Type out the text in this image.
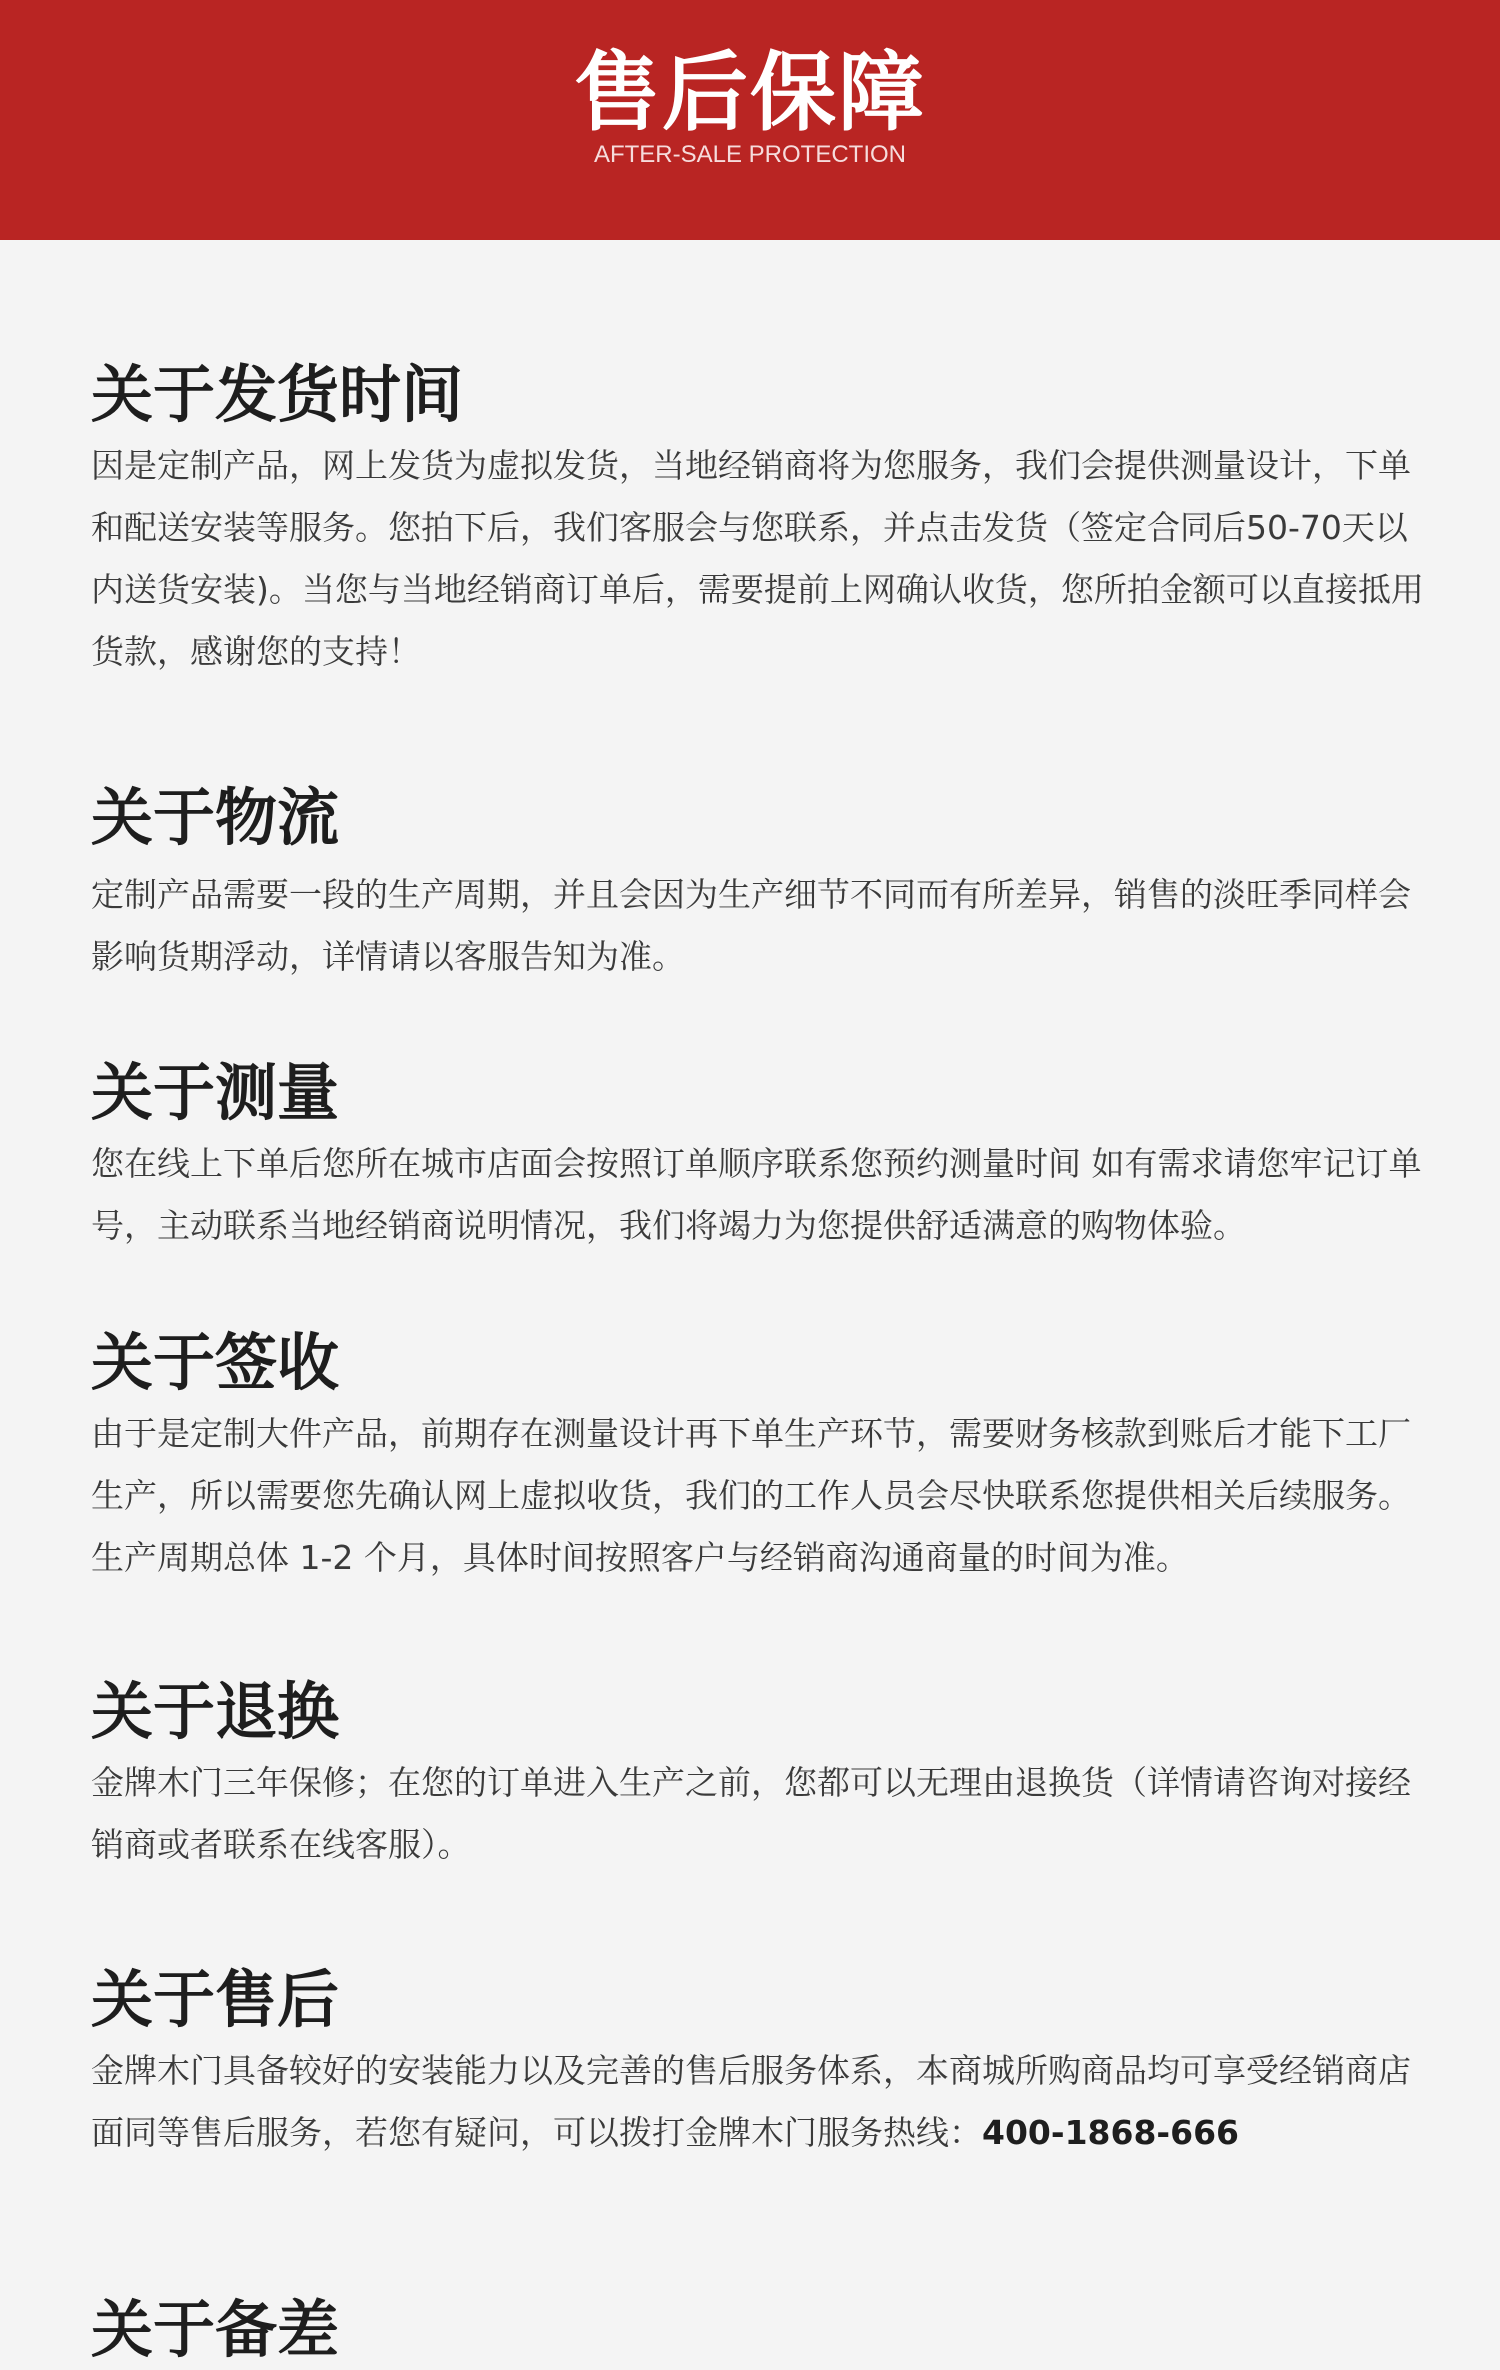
售后保障
AFTER-SALE PROTECTION
关于发货时间

因是定制产品，网上发货为虚拟发货，当地经销商将为您服务，我们会提供测量设计，下单和配送安装等服务。您拍下后，我们客服会与您联系，并点击发货（签定合同后50-70天以内送货安装)。当您与当地经销商订单后，需要提前上网确认收货，您所拍金额可以直接抵用货款，感谢您的支持！

关于物流

定制产品需要一段的生产周期，并且会因为生产细节不同而有所差异，销售的淡旺季同样会影响货期浮动，详情请以客服告知为准。

关于测量

您在线上下单后您所在城市店面会按照订单顺序联系您预约测量时间 如有需求请您牢记订单号，主动联系当地经销商说明情况，我们将竭力为您提供舒适满意的购物体验。

关于签收

由于是定制大件产品，前期存在测量设计再下单生产环节，需要财务核款到账后才能下工厂生产，所以需要您先确认网上虚拟收货，我们的工作人员会尽快联系您提供相关后续服务。生产周期总体 1-2 个月，具体时间按照客户与经销商沟通商量的时间为准。

关于退换

金牌木门三年保修；在您的订单进入生产之前，您都可以无理由退换货（详情请咨询对接经销商或者联系在线客服）。

关于售后

金牌木门具备较好的安装能力以及完善的售后服务体系，本商城所购商品均可享受经销商店面同等售后服务，若您有疑问，可以拨打金牌木门服务热线：400-1868-666

关于备差
